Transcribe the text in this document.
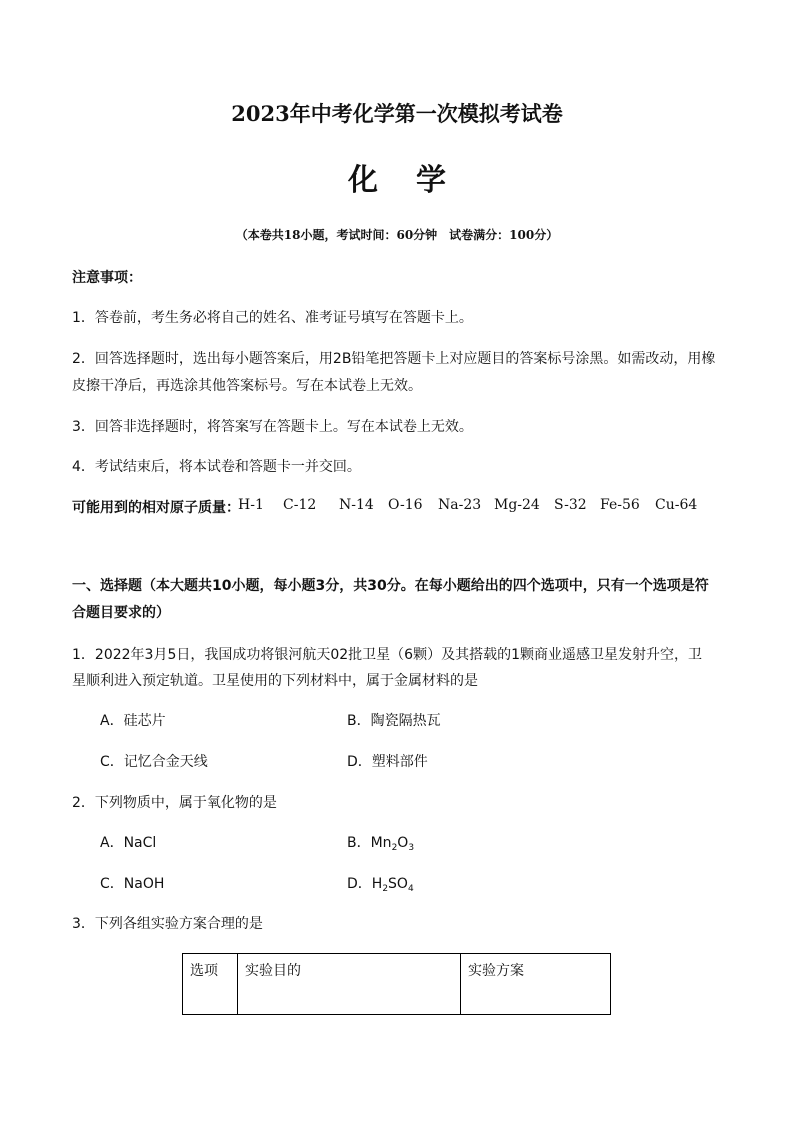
2023年中考化学第一次模拟考试卷
化学
（本卷共18小题，考试时间：60分钟　试卷满分：100分）
注意事项：
1．答卷前，考生务必将自己的姓名、准考证号填写在答题卡上。
2．回答选择题时，选出每小题答案后，用2B铅笔把答题卡上对应题目的答案标号涂黑。如需改动，用橡
皮擦干净后，再选涂其他答案标号。写在本试卷上无效。
3．回答非选择题时，将答案写在答题卡上。写在本试卷上无效。
4．考试结束后，将本试卷和答题卡一并交回。
可能用到的相对原子质量：
H-1 C-12 N-14 O-16 Na-23 Mg-24 S-32 Fe-56 Cu-64
一、选择题（本大题共10小题，每小题3分，共30分。在每小题给出的四个选项中，只有一个选项是符
合题目要求的）
1．2022年3月5日，我国成功将银河航天02批卫星（6颗）及其搭载的1颗商业遥感卫星发射升空，卫
星顺利进入预定轨道。卫星使用的下列材料中，属于金属材料的是
A．硅芯片	B．陶瓷隔热瓦
C．记忆合金天线	D．塑料部件
2．下列物质中，属于氧化物的是
A．NaCl	B．$Mn_2O_3$
C．NaOH	D．$H_2SO_4$
3．下列各组实验方案合理的是
选项	实验目的	实验方案
